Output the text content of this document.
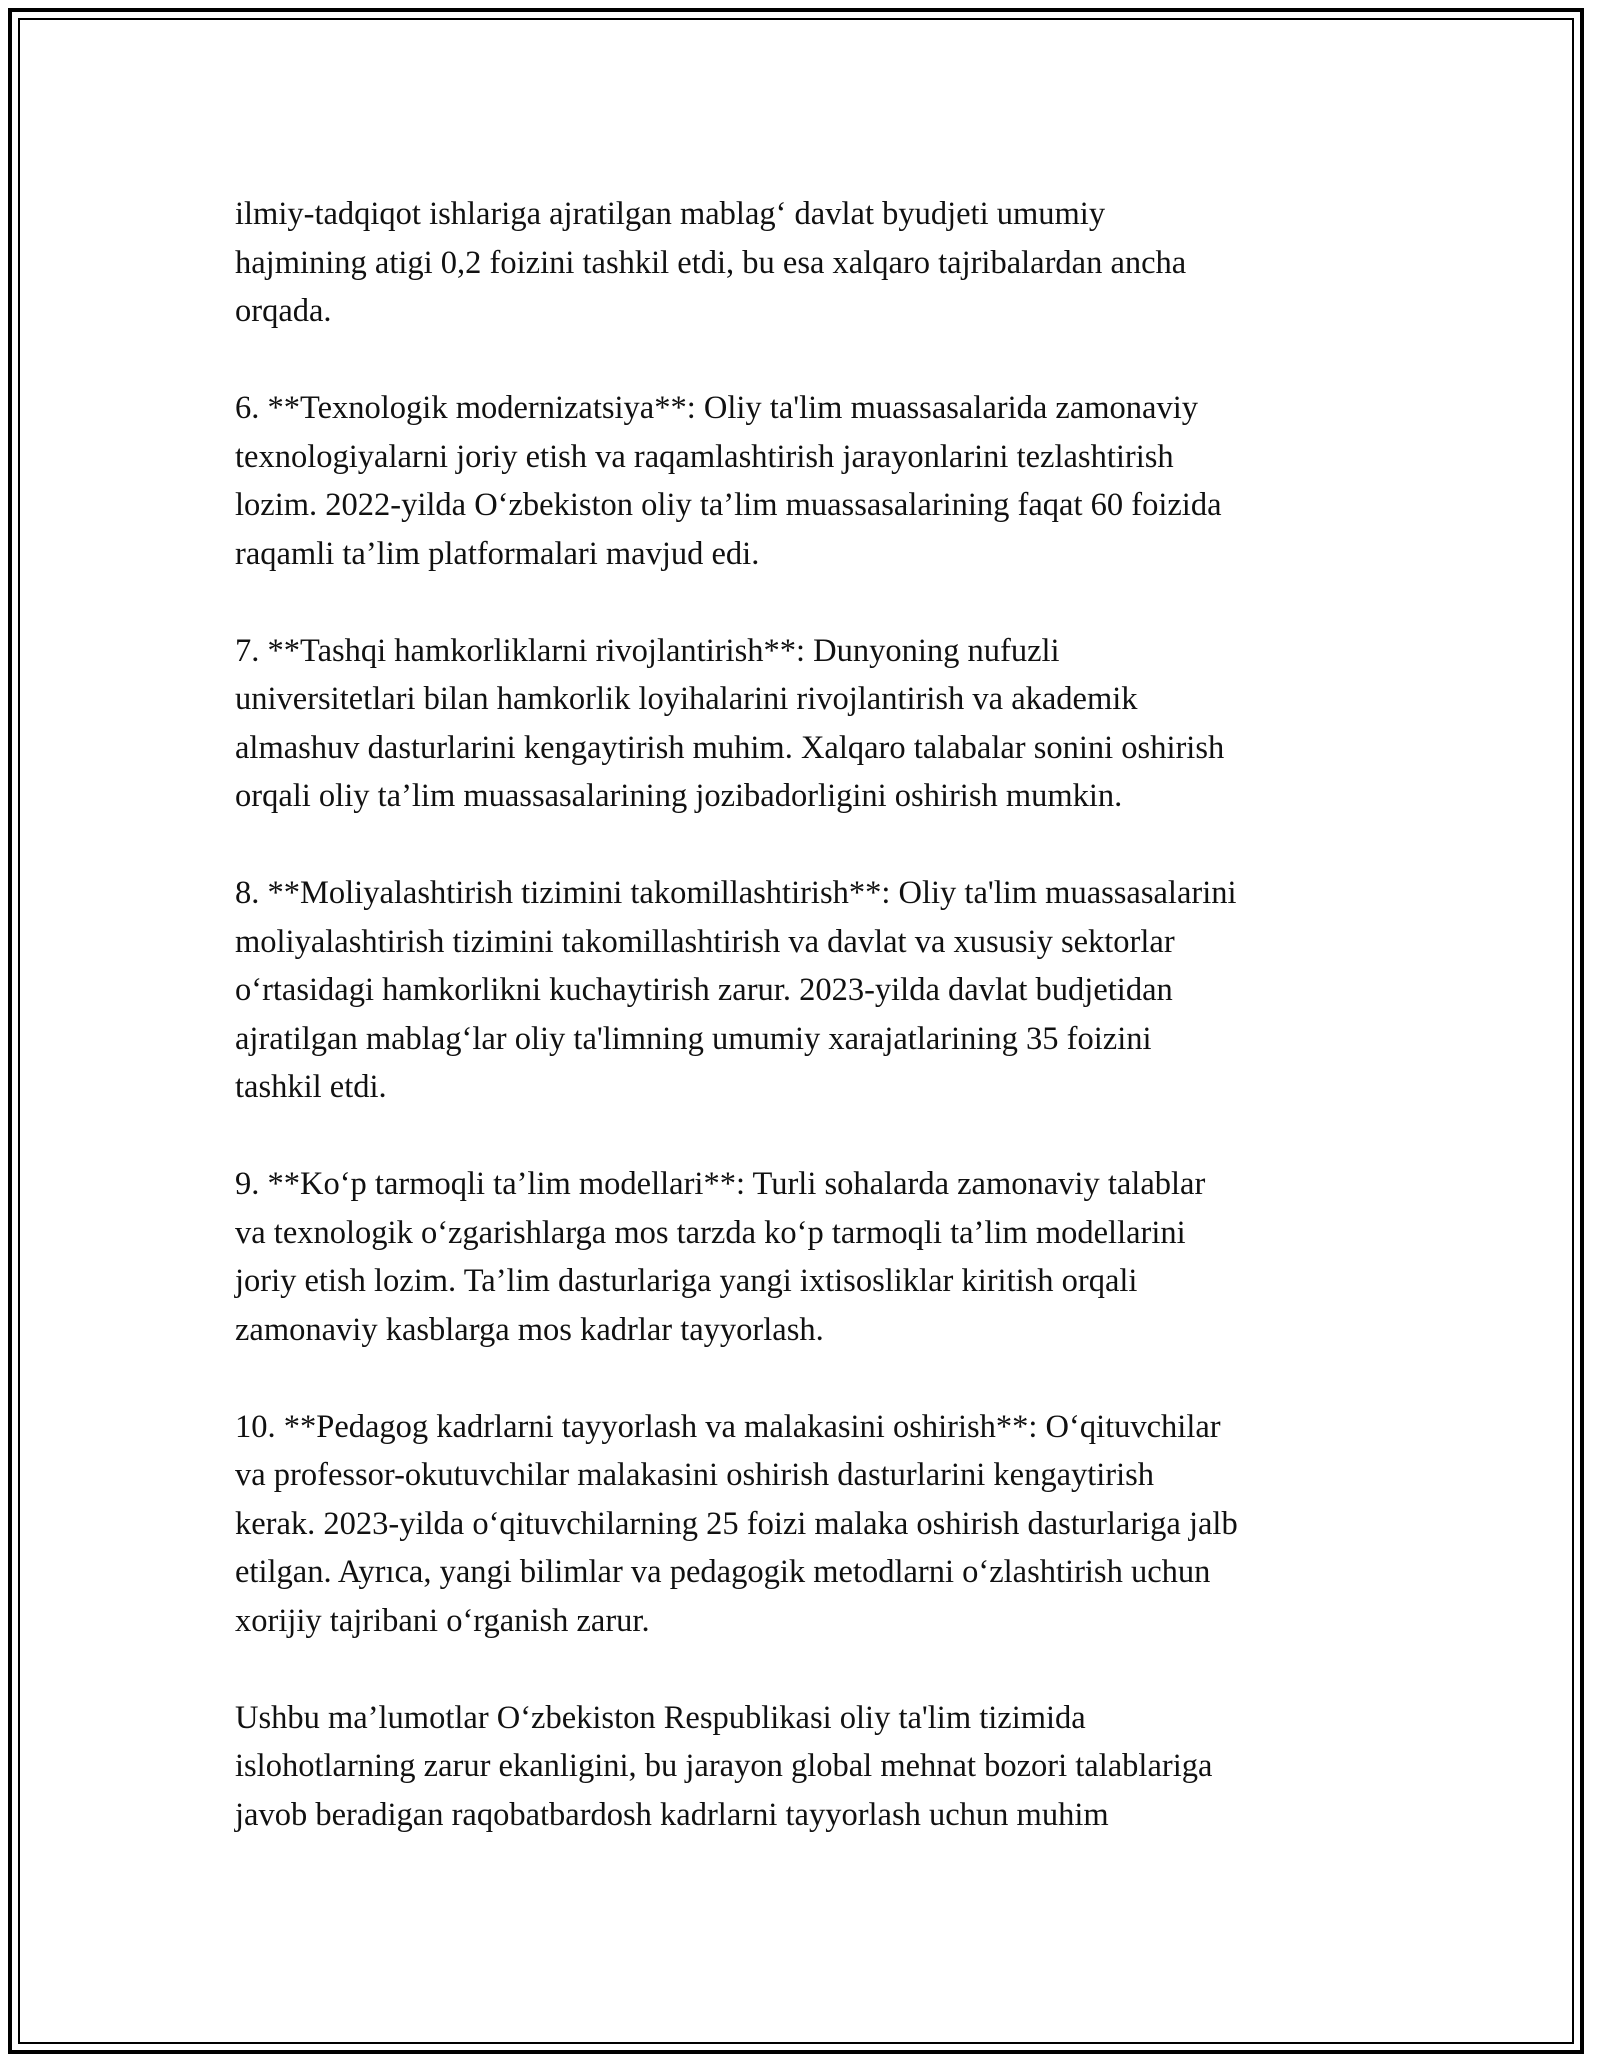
ilmiy-tadqiqot ishlariga ajratilgan mablag‘ davlat byudjeti umumiy
hajmining atigi 0,2 foizini tashkil etdi, bu esa xalqaro tajribalardan ancha
orqada.

6. **Texnologik modernizatsiya**: Oliy ta'lim muassasalarida zamonaviy
texnologiyalarni joriy etish va raqamlashtirish jarayonlarini tezlashtirish
lozim. 2022-yilda O‘zbekiston oliy ta’lim muassasalarining faqat 60 foizida
raqamli ta’lim platformalari mavjud edi.

7. **Tashqi hamkorliklarni rivojlantirish**: Dunyoning nufuzli
universitetlari bilan hamkorlik loyihalarini rivojlantirish va akademik
almashuv dasturlarini kengaytirish muhim. Xalqaro talabalar sonini oshirish
orqali oliy ta’lim muassasalarining jozibadorligini oshirish mumkin.

8. **Moliyalashtirish tizimini takomillashtirish**: Oliy ta'lim muassasalarini
moliyalashtirish tizimini takomillashtirish va davlat va xususiy sektorlar
o‘rtasidagi hamkorlikni kuchaytirish zarur. 2023-yilda davlat budjetidan
ajratilgan mablag‘lar oliy ta'limning umumiy xarajatlarining 35 foizini
tashkil etdi.

9. **Ko‘p tarmoqli ta’lim modellari**: Turli sohalarda zamonaviy talablar
va texnologik o‘zgarishlarga mos tarzda ko‘p tarmoqli ta’lim modellarini
joriy etish lozim. Ta’lim dasturlariga yangi ixtisosliklar kiritish orqali
zamonaviy kasblarga mos kadrlar tayyorlash.

10. **Pedagog kadrlarni tayyorlash va malakasini oshirish**: O‘qituvchilar
va professor-okutuvchilar malakasini oshirish dasturlarini kengaytirish
kerak. 2023-yilda o‘qituvchilarning 25 foizi malaka oshirish dasturlariga jalb
etilgan. Ayrıca, yangi bilimlar va pedagogik metodlarni o‘zlashtirish uchun
xorijiy tajribani o‘rganish zarur.

Ushbu ma’lumotlar O‘zbekiston Respublikasi oliy ta'lim tizimida
islohotlarning zarur ekanligini, bu jarayon global mehnat bozori talablariga
javob beradigan raqobatbardosh kadrlarni tayyorlash uchun muhim
